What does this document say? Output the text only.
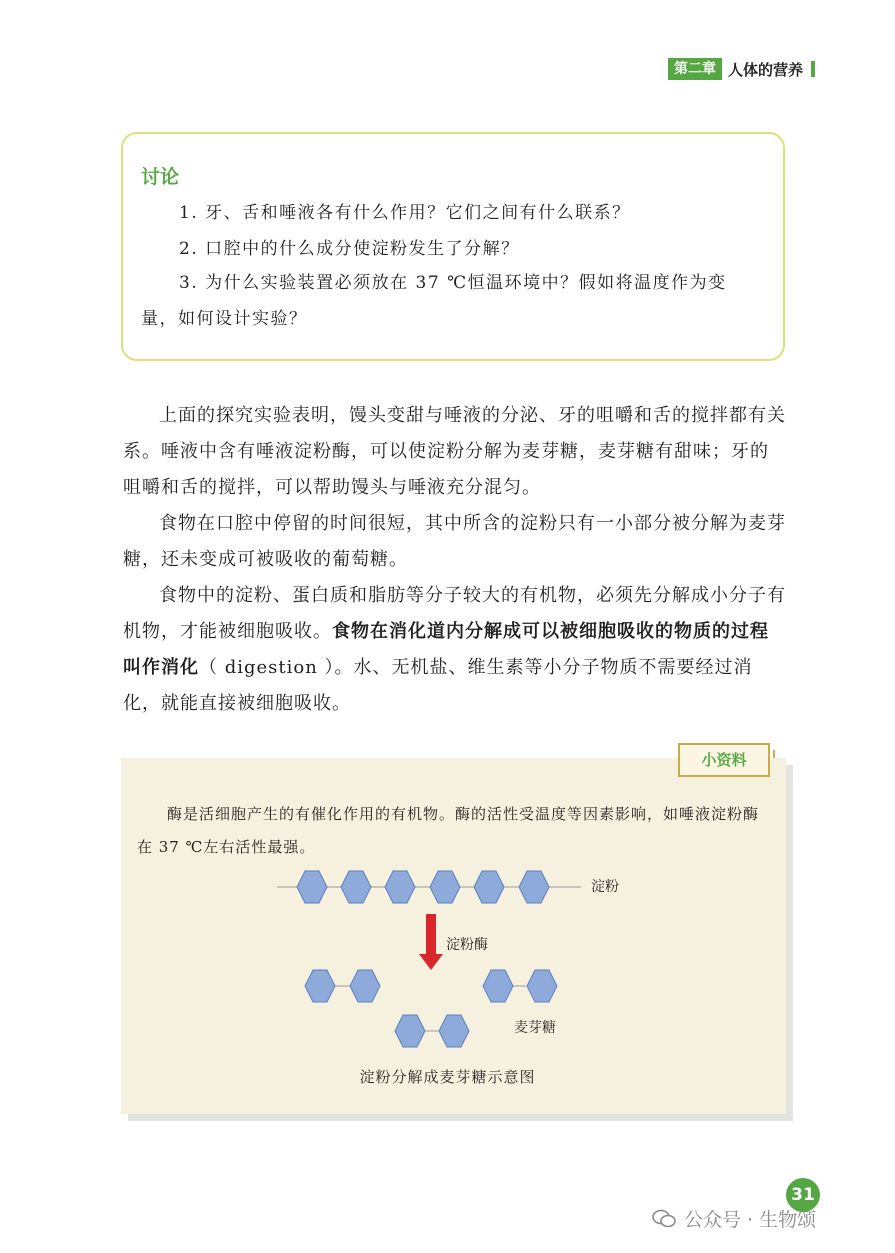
第二章 人体的营养
讨论
1. 牙、舌和唾液各有什么作用？它们之间有什么联系？
2. 口腔中的什么成分使淀粉发生了分解？
3. 为什么实验装置必须放在 37 ℃恒温环境中？假如将温度作为变
量，如何设计实验？

上面的探究实验表明，馒头变甜与唾液的分泌、牙的咀嚼和舌的搅拌都有关系。唾液中含有唾液淀粉酶，可以使淀粉分解为麦芽糖，麦芽糖有甜味；牙的咀嚼和舌的搅拌，可以帮助馒头与唾液充分混匀。

食物在口腔中停留的时间很短，其中所含的淀粉只有一小部分被分解为麦芽糖，还未变成可被吸收的葡萄糖。

食物中的淀粉、蛋白质和脂肪等分子较大的有机物，必须先分解成小分子有机物，才能被细胞吸收。食物在消化道内分解成可以被细胞吸收的物质的过程叫作消化（ digestion ）。水、无机盐、维生素等小分子物质不需要经过消化，就能直接被细胞吸收。

小资料

酶是活细胞产生的有催化作用的有机物。酶的活性受温度等因素影响，如唾液淀粉酶在 37 ℃左右活性最强。

淀粉
淀粉酶
麦芽糖
淀粉分解成麦芽糖示意图
31
公众号 · 生物颂
